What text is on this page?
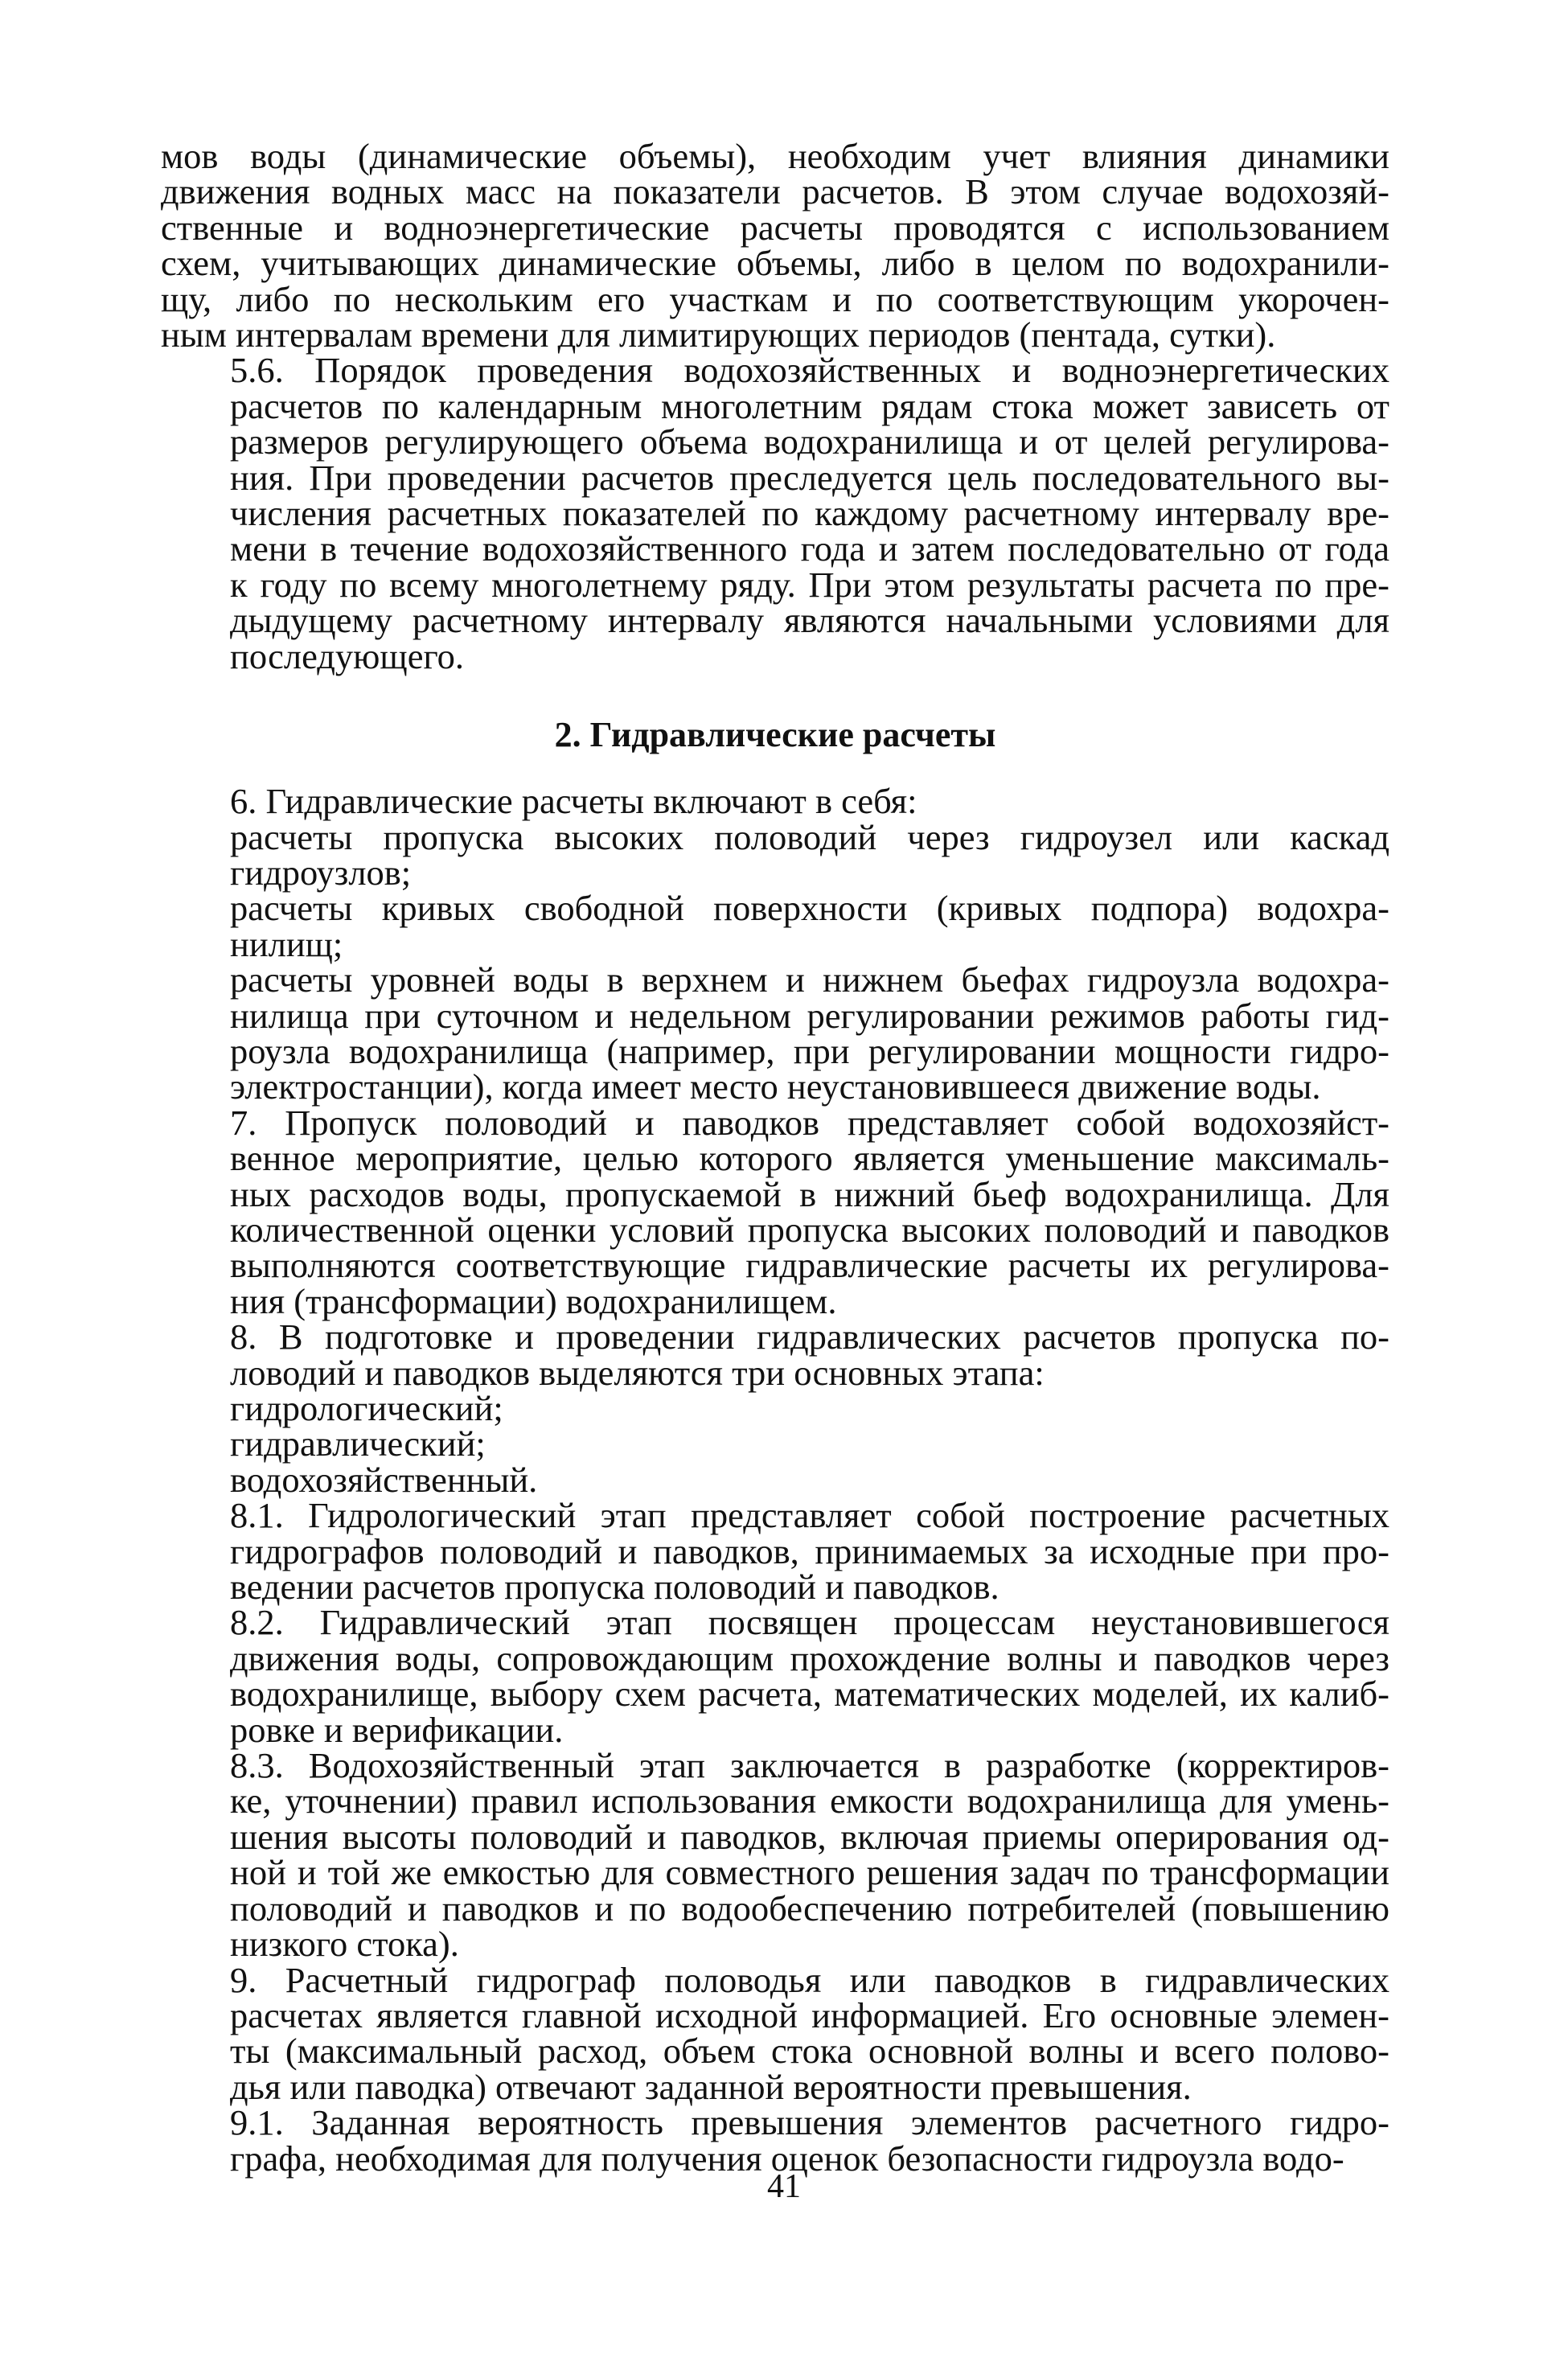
мов воды (динамические объемы), необходим учет влияния динамики
движения водных масс на показатели расчетов. В этом случае водохозяй-
ственные и водноэнергетические расчеты проводятся с использованием
схем, учитывающих динамические объемы, либо в целом по водохранили-
щу, либо по нескольким его участкам и по соответствующим укорочен-
ным интервалам времени для лимитирующих периодов (пентада, сутки).

5.6. Порядок проведения водохозяйственных и водноэнергетических
расчетов по календарным многолетним рядам стока может зависеть от
размеров регулирующего объема водохранилища и от целей регулирова-
ния. При проведении расчетов преследуется цель последовательного вы-
числения расчетных показателей по каждому расчетному интервалу вре-
мени в течение водохозяйственного года и затем последовательно от года
к году по всему многолетнему ряду. При этом результаты расчета по пре-
дыдущему расчетному интервалу являются начальными условиями для
последующего.

2. Гидравлические расчеты

6. Гидравлические расчеты включают в себя:

расчеты пропуска высоких половодий через гидроузел или каскад
гидроузлов;

расчеты кривых свободной поверхности (кривых подпора) водохра-
нилищ;

расчеты уровней воды в верхнем и нижнем бьефах гидроузла водохра-
нилища при суточном и недельном регулировании режимов работы гид-
роузла водохранилища (например, при регулировании мощности гидро-
электростанции), когда имеет место неустановившееся движение воды.

7. Пропуск половодий и паводков представляет собой водохозяйст-
венное мероприятие, целью которого является уменьшение максималь-
ных расходов воды, пропускаемой в нижний бьеф водохранилища. Для
количественной оценки условий пропуска высоких половодий и паводков
выполняются соответствующие гидравлические расчеты их регулирова-
ния (трансформации) водохранилищем.

8. В подготовке и проведении гидравлических расчетов пропуска по-
ловодий и паводков выделяются три основных этапа:

гидрологический;

гидравлический;

водохозяйственный.

8.1. Гидрологический этап представляет собой построение расчетных
гидрографов половодий и паводков, принимаемых за исходные при про-
ведении расчетов пропуска половодий и паводков.

8.2. Гидравлический этап посвящен процессам неустановившегося
движения воды, сопровождающим прохождение волны и паводков через
водохранилище, выбору схем расчета, математических моделей, их калиб-
ровке и верификации.

8.3. Водохозяйственный этап заключается в разработке (корректиров-
ке, уточнении) правил использования емкости водохранилища для умень-
шения высоты половодий и паводков, включая приемы оперирования од-
ной и той же емкостью для совместного решения задач по трансформации
половодий и паводков и по водообеспечению потребителей (повышению
низкого стока).

9. Расчетный гидрограф половодья или паводков в гидравлических
расчетах является главной исходной информацией. Его основные элемен-
ты (максимальный расход, объем стока основной волны и всего полово-
дья или паводка) отвечают заданной вероятности превышения.

9.1. Заданная вероятность превышения элементов расчетного гидро-
графа, необходимая для получения оценок безопасности гидроузла водо-

41
